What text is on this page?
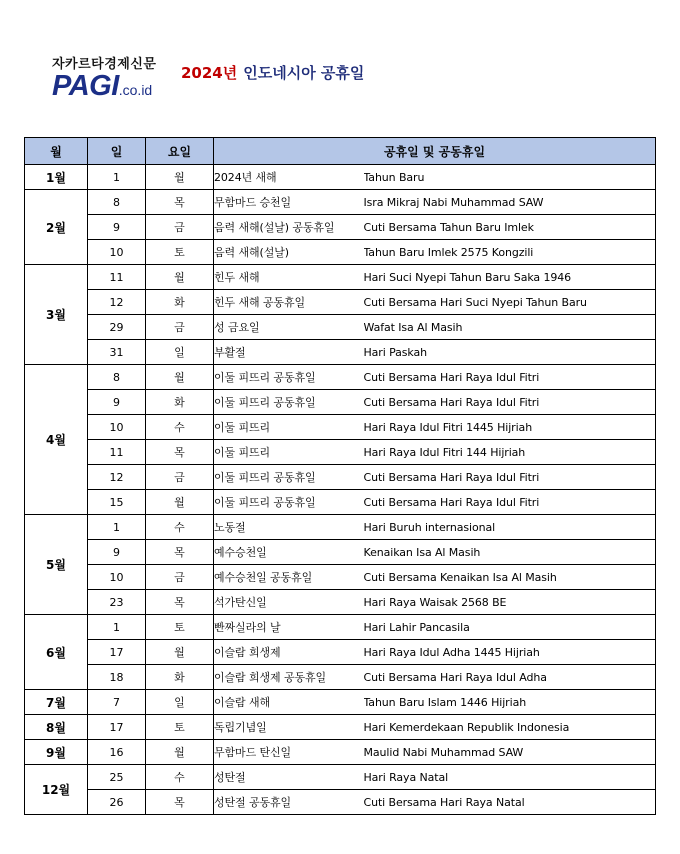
자카르타경제신문
PAGI.co.id
2024년 인도네시아 공휴일
월	일	요일	공휴일 및 공동휴일	
1월	1	월	2024년 새해	Tahun Baru
2월	8	목	무함마드 승천일	Isra Mikraj Nabi Muhammad SAW
	9	금	음력 새해(설날) 공동휴일	Cuti Bersama Tahun Baru Imlek
	10	토	음력 새해(설날)	Tahun Baru Imlek 2575 Kongzili
3월	11	월	힌두 새해	Hari Suci Nyepi Tahun Baru Saka 1946
	12	화	힌두 새해 공동휴일	Cuti Bersama Hari Suci Nyepi Tahun Baru
	29	금	성 금요일	Wafat Isa Al Masih
	31	일	부활절	Hari Paskah
4월	8	월	이둘 피뜨리 공동휴일	Cuti Bersama Hari Raya Idul Fitri
	9	화	이둘 피뜨리 공동휴일	Cuti Bersama Hari Raya Idul Fitri
	10	수	이둘 피뜨리	Hari Raya Idul Fitri 1445 Hijriah
	11	목	이둘 피뜨리	Hari Raya Idul Fitri 144 Hijriah
	12	금	이둘 피뜨리 공동휴일	Cuti Bersama Hari Raya Idul Fitri
	15	월	이둘 피뜨리 공동휴일	Cuti Bersama Hari Raya Idul Fitri
5월	1	수	노동절	Hari Buruh internasional
	9	목	예수승천일	Kenaikan Isa Al Masih
	10	금	예수승천일 공동휴일	Cuti Bersama Kenaikan Isa Al Masih
	23	목	석가탄신일	Hari Raya Waisak 2568 BE
6월	1	토	빤짜실라의 날	Hari Lahir Pancasila
	17	월	이슬람 희생제	Hari Raya Idul Adha 1445 Hijriah
	18	화	이슬람 희생제 공동휴일	Cuti Bersama Hari Raya Idul Adha
7월	7	일	이슬람 새해	Tahun Baru Islam 1446 Hijriah
8월	17	토	독립기념일	Hari Kemerdekaan Republik Indonesia
9월	16	월	무함마드 탄신일	Maulid Nabi Muhammad SAW
12월	25	수	성탄절	Hari Raya Natal
	26	목	성탄절 공동휴일	Cuti Bersama Hari Raya Natal
